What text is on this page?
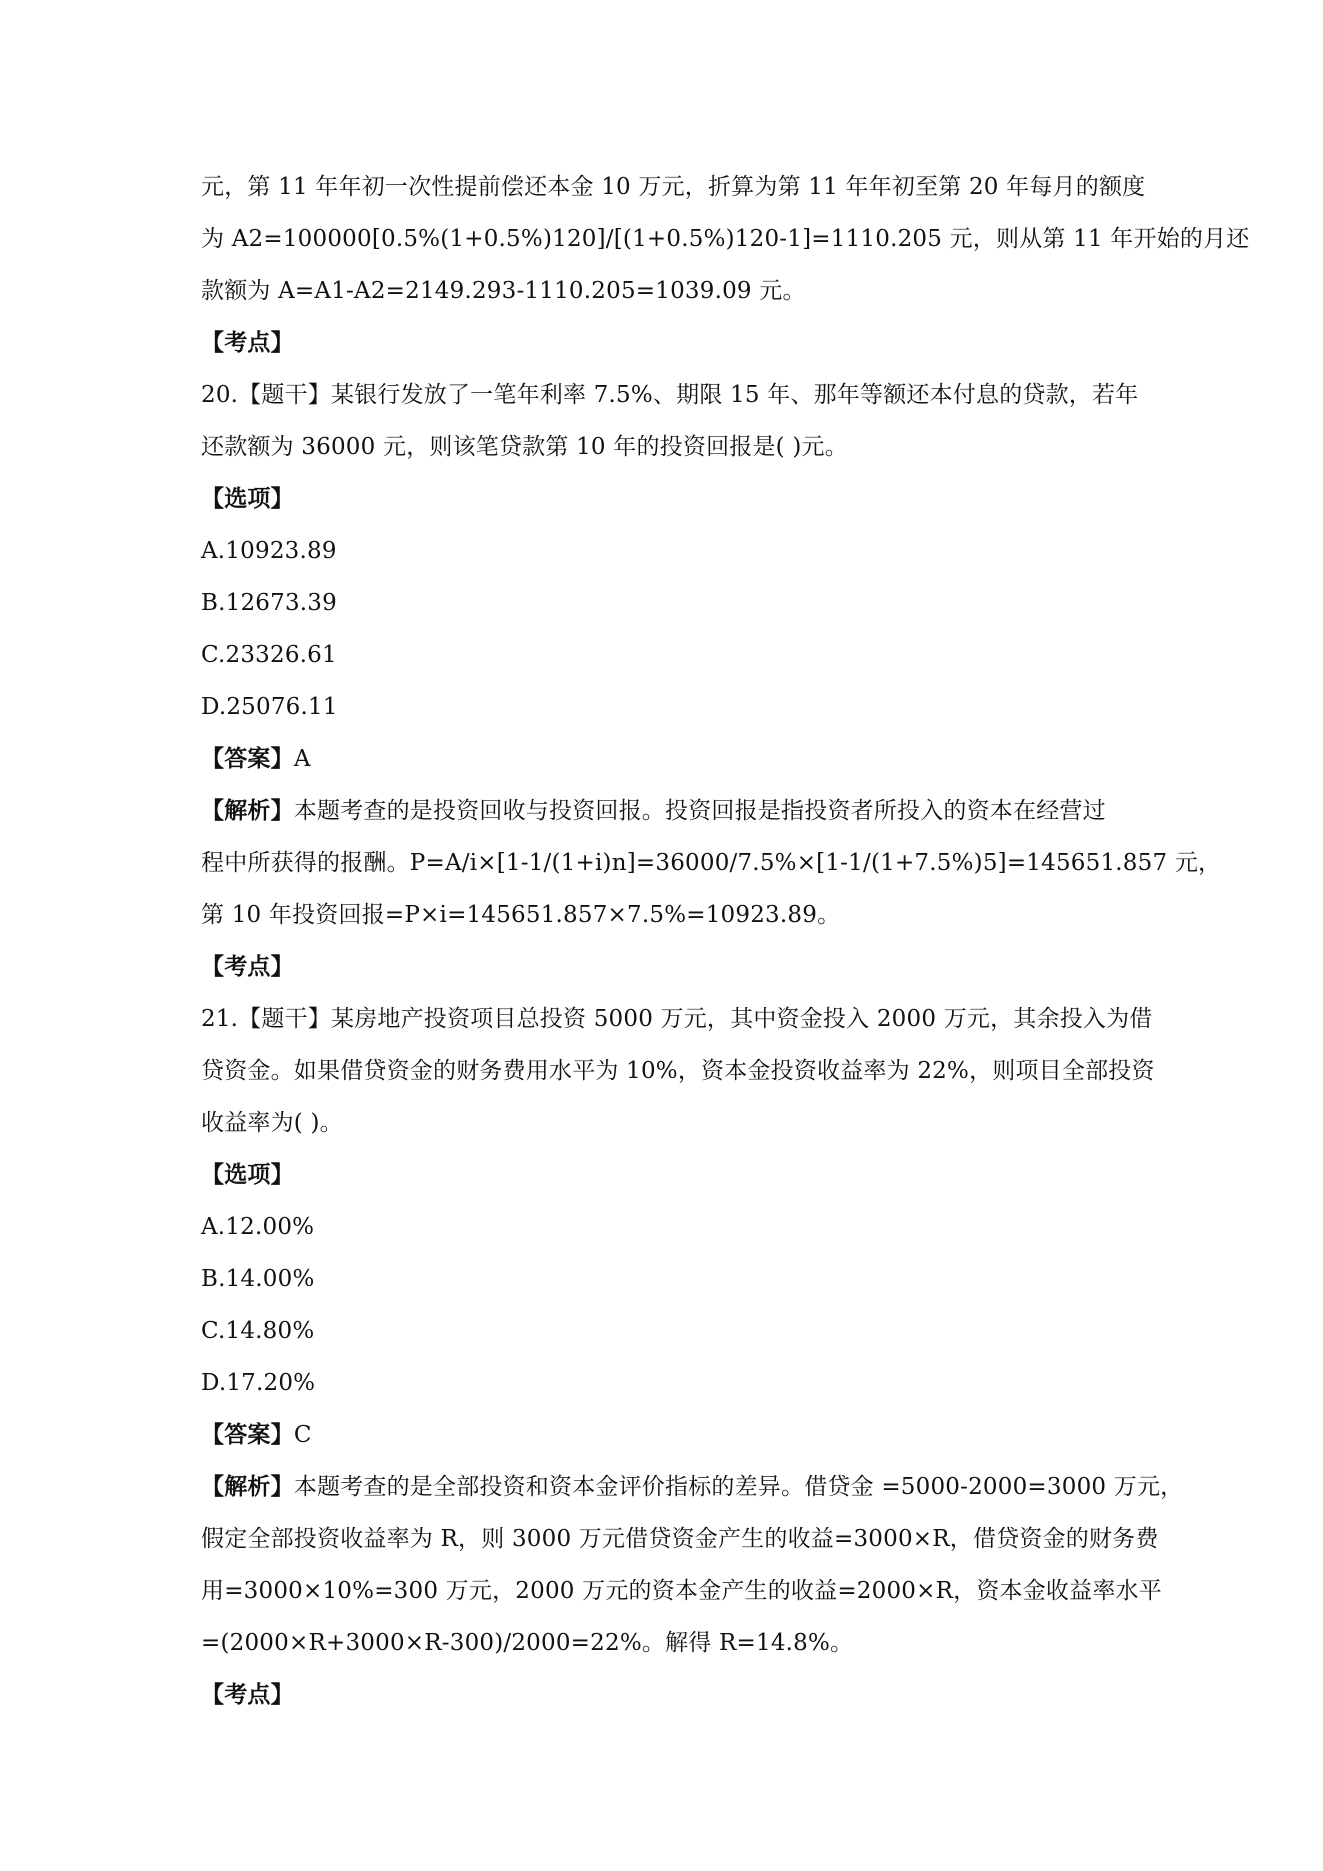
元，第 11 年年初一次性提前偿还本金 10 万元，折算为第 11 年年初至第 20 年每月的额度
为 A2=100000[0.5%(1+0.5%)120]/[(1+0.5%)120-1]=1110.205 元，则从第 11 年开始的月还
款额为 A=A1-A2=2149.293-1110.205=1039.09 元。
【考点】
20.【题干】某银行发放了一笔年利率 7.5%、期限 15 年、那年等额还本付息的贷款，若年
还款额为 36000 元，则该笔贷款第 10 年的投资回报是( )元。
【选项】
A.10923.89
B.12673.39
C.23326.61
D.25076.11
【答案】A
【解析】本题考查的是投资回收与投资回报。投资回报是指投资者所投入的资本在经营过
程中所获得的报酬。P=A/i×[1-1/(1+i)n]=36000/7.5%×[1-1/(1+7.5%)5]=145651.857 元，
第 10 年投资回报=P×i=145651.857×7.5%=10923.89。
【考点】
21.【题干】某房地产投资项目总投资 5000 万元，其中资金投入 2000 万元，其余投入为借
贷资金。如果借贷资金的财务费用水平为 10%，资本金投资收益率为 22%，则项目全部投资
收益率为( )。
【选项】
A.12.00%
B.14.00%
C.14.80%
D.17.20%
【答案】C
【解析】本题考查的是全部投资和资本金评价指标的差异。借贷金 =5000-2000=3000 万元，
假定全部投资收益率为 R，则 3000 万元借贷资金产生的收益=3000×R，借贷资金的财务费
用=3000×10%=300 万元，2000 万元的资本金产生的收益=2000×R，资本金收益率水平
=(2000×R+3000×R-300)/2000=22%。解得 R=14.8%。
【考点】
